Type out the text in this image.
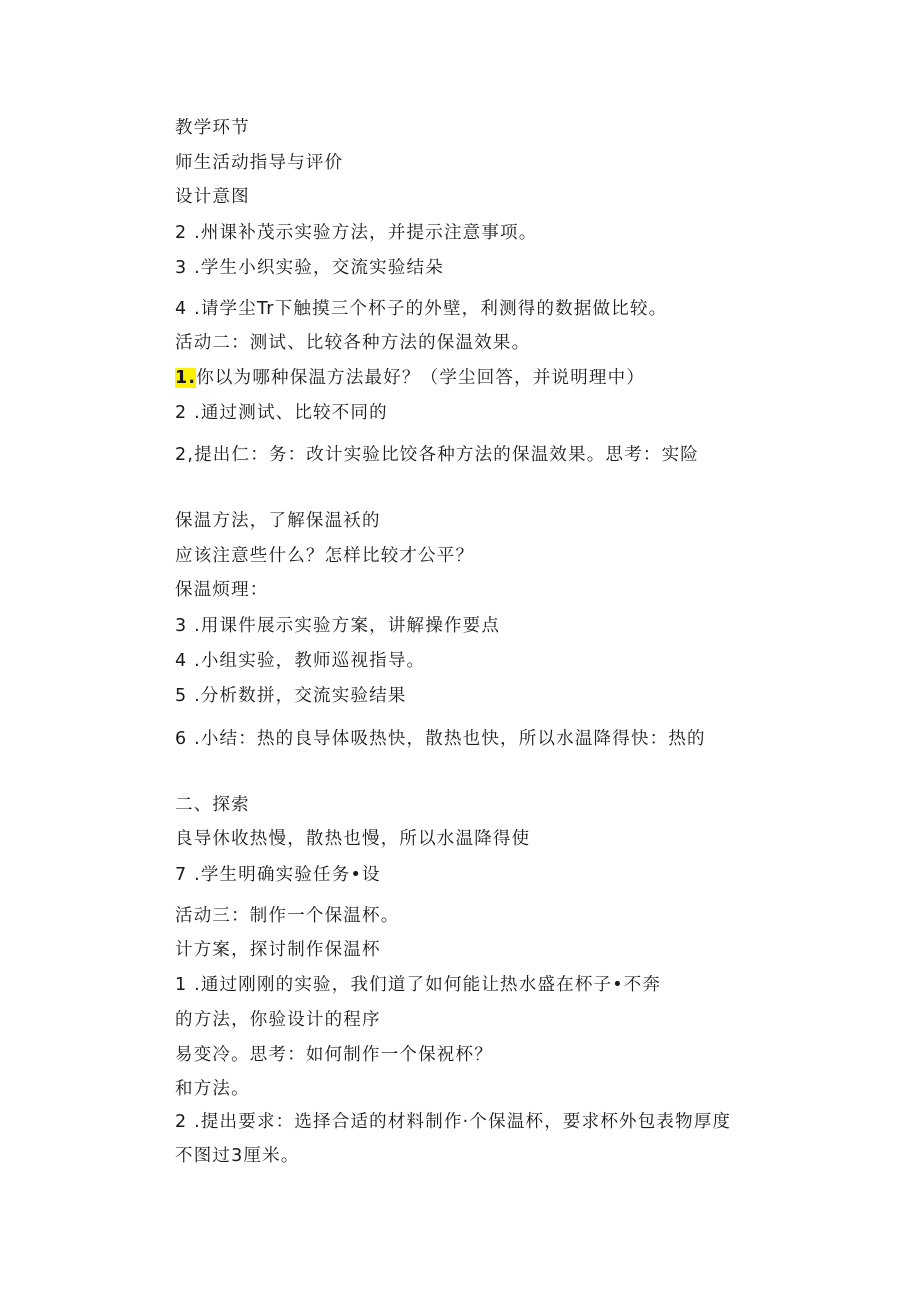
教学环节
师生活动指导与评价
设计意图
2 .州课补茂示实验方法，并提示注意事项。
3 .学生小织实验，交流实验结朵
4 .请学尘Tr下触摸三个杯子的外壁，利测得的数据做比较。
活动二：测试、比较各种方法的保温效果。
1.你以为哪种保温方法最好？（学尘回答，并说明理中）
2 .通过测试、比较不同的
2,提出仁：务：改计实验比饺各种方法的保温效果。思考：实险
保温方法，了解保温袄的
应该注意些什么？怎样比较才公平？
保温烦理：
3 .用课件展示实验方案，讲解操作要点
4 .小组实验，教师巡视指导。
5 .分析数拼，交流实验结果
6 .小结：热的良导体吸热快，散热也快，所以水温降得快：热的
二、探索
良导休收热慢，散热也慢，所以水温降得使
7 .学生明确实验任务•设
活动三：制作一个保温杯。
计方案，探讨制作保温杯
1 .通过刚刚的实验，我们道了如何能让热水盛在杯子•不奔
的方法，你验设计的程序
易变冷。思考：如何制作一个保祝杯？
和方法。
2 .提出要求：选择合适的材料制作·个保温杯，要求杯外包表物厚度
不图过3厘米。
